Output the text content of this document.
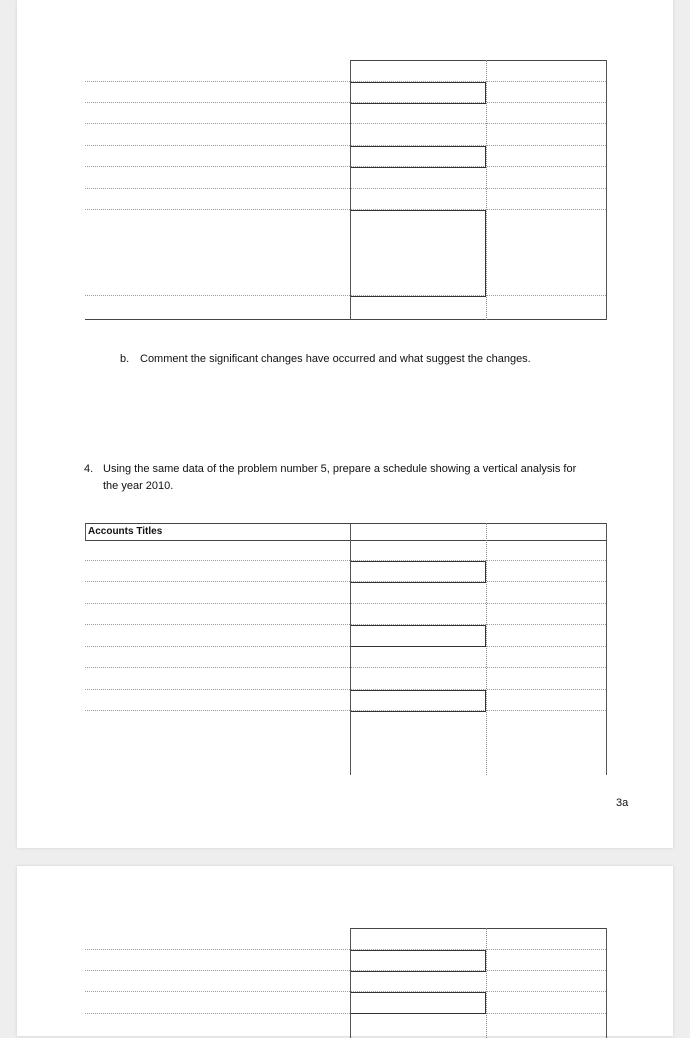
b. Comment the significant changes have occurred and what suggest the changes.
4. Using the same data of the problem number 5, prepare a schedule showing a vertical analysis for
the year 2010.
Accounts Titles
3a
